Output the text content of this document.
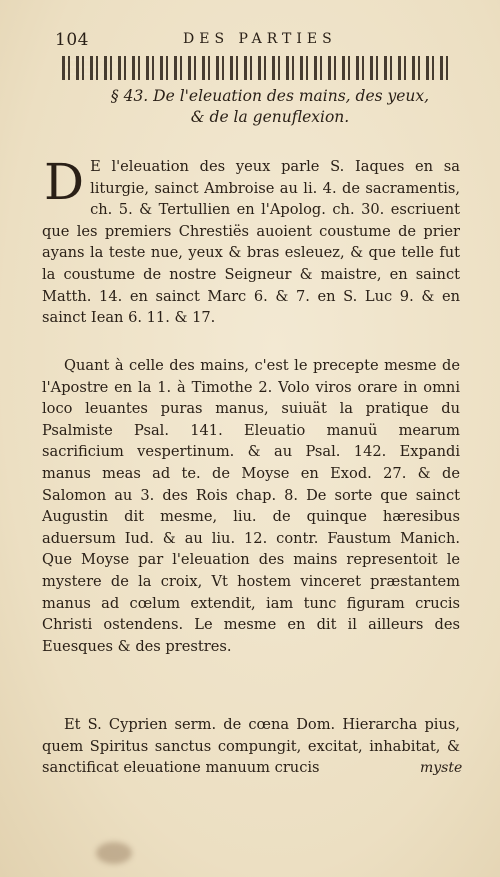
104	DES PARTIES
§ 43. De l'eleuation des mains, des yeux,
& de la genuflexion.
D E l'eleuation des yeux parle S. Iaques en sa liturgie, sainct Ambroise au li. 4. de sacramentis, ch. 5. & Tertullien en l'Apolog. ch. 30. escriuent que les premiers Chrestiës auoient coustume de prier ayans la teste nue, yeux & bras esleuez, & que telle fut la coustume de nostre Seigneur & maistre, en sainct Matth. 14. en sainct Marc 6. & 7. en S. Luc 9. & en sainct Iean 6. 11. & 17.
Quant à celle des mains, c'est le precepte mesme de l'Apostre en la 1. à Timothe 2. Volo viros orare in omni loco leuantes puras manus, suiuät la pratique du Psalmiste Psal. 141. Eleuatio manuü mearum sacrificium vespertinum. & au Psal. 142. Expandi manus meas ad te. de Moyse en Exod. 27. & de Salomon au 3. des Rois chap. 8. De sorte que sainct Augustin dit mesme, liu. de quinque hæresibus aduersum Iud. & au liu. 12. contr. Faustum Manich. Que Moyse par l'eleuation des mains representoit le mystere de la croix, Vt hostem vinceret præstantem manus ad cœlum extendit, iam tunc figuram crucis Christi ostendens. Le mesme en dit il ailleurs des Euesques & des prestres.
Et S. Cyprien serm. de cœna Dom. Hierarcha pius, quem Spiritus sanctus compungit, excitat, inhabitat, & sanctificat eleuatione manuum crucis	myste
